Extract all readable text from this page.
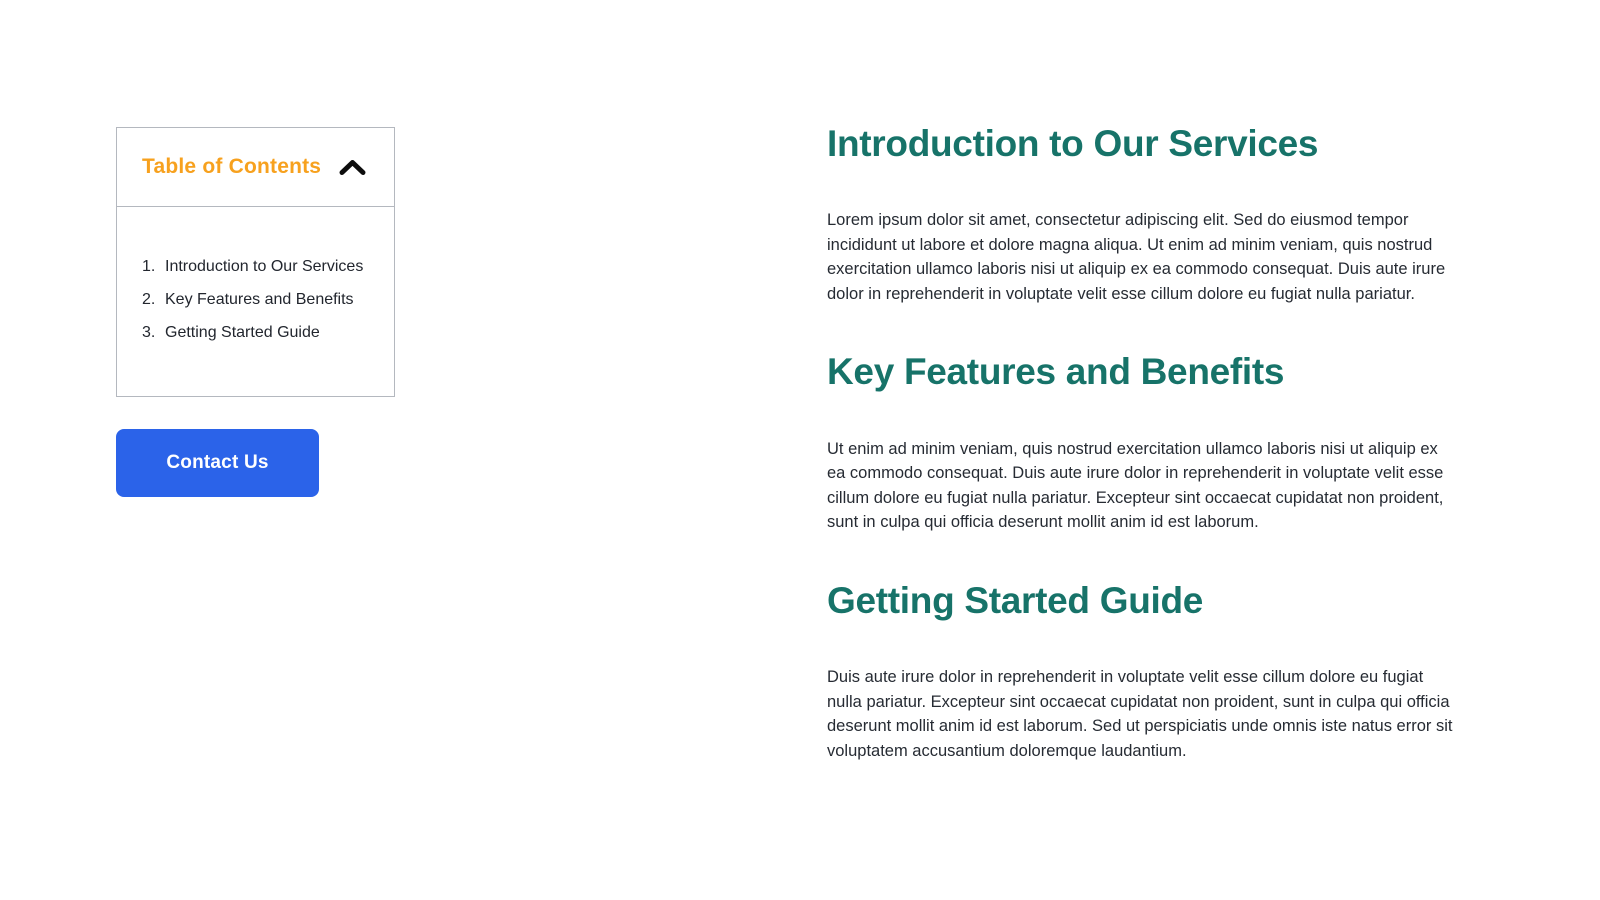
Table of Contents
1. Introduction to Our Services
2. Key Features and Benefits
3. Getting Started Guide
Contact Us
Introduction to Our Services

Lorem ipsum dolor sit amet, consectetur adipiscing elit. Sed do eiusmod tempor incididunt ut labore et dolore magna aliqua. Ut enim ad minim veniam, quis nostrud exercitation ullamco laboris nisi ut aliquip ex ea commodo consequat. Duis aute irure dolor in reprehenderit in voluptate velit esse cillum dolore eu fugiat nulla pariatur.

Key Features and Benefits

Ut enim ad minim veniam, quis nostrud exercitation ullamco laboris nisi ut aliquip ex ea commodo consequat. Duis aute irure dolor in reprehenderit in voluptate velit esse cillum dolore eu fugiat nulla pariatur. Excepteur sint occaecat cupidatat non proident, sunt in culpa qui officia deserunt mollit anim id est laborum.

Getting Started Guide

Duis aute irure dolor in reprehenderit in voluptate velit esse cillum dolore eu fugiat nulla pariatur. Excepteur sint occaecat cupidatat non proident, sunt in culpa qui officia deserunt mollit anim id est laborum. Sed ut perspiciatis unde omnis iste natus error sit voluptatem accusantium doloremque laudantium.
